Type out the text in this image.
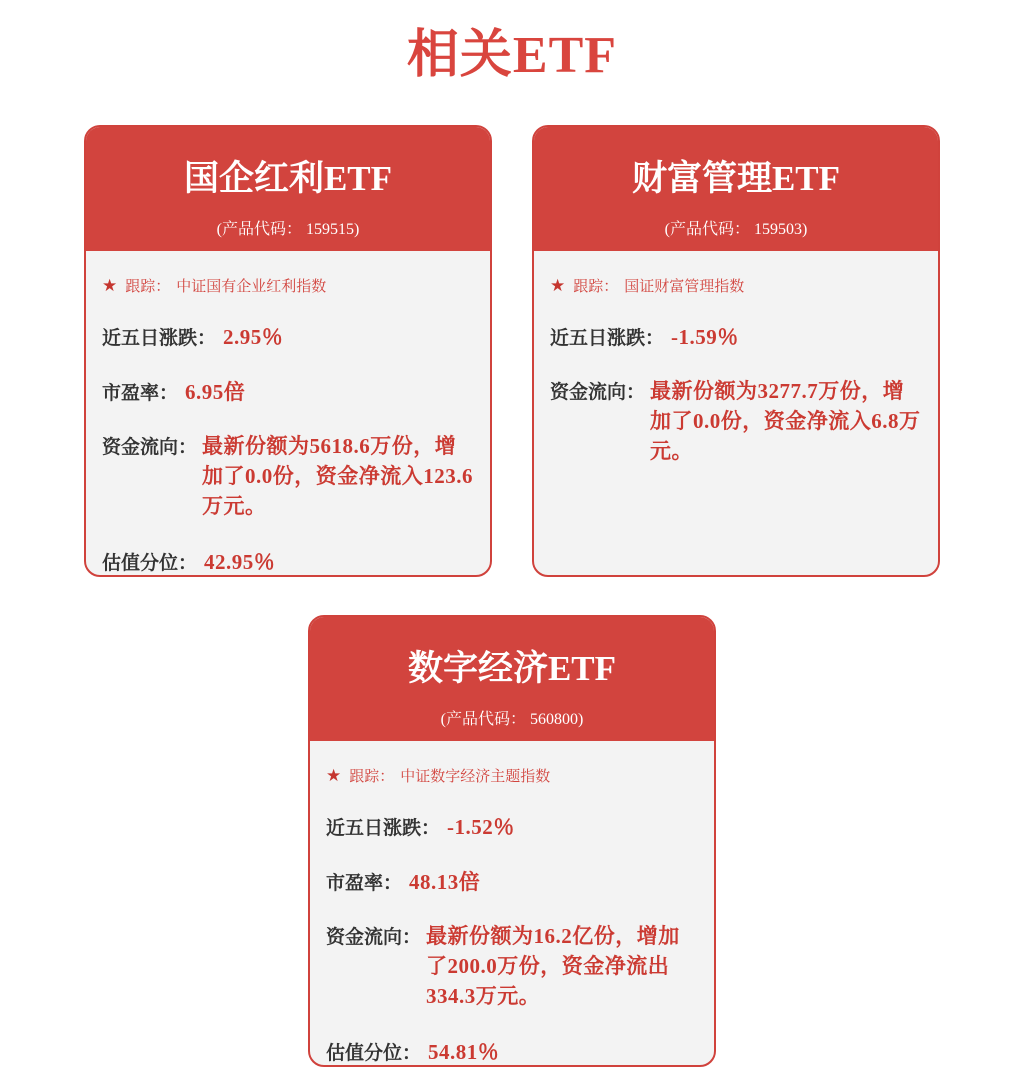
相关ETF
国企红利ETF
(产品代码： 159515)
★ 跟踪： 中证国有企业红利指数
近五日涨跌： 2.95％
市盈率： 6.95倍
资金流向： 最新份额为5618.6万份，增加了0.0份，资金净流入123.6万元。
估值分位： 42.95％
财富管理ETF
(产品代码： 159503)
★ 跟踪： 国证财富管理指数
近五日涨跌： -1.59％
资金流向： 最新份额为3277.7万份，增加了0.0份，资金净流入6.8万元。
数字经济ETF
(产品代码： 560800)
★ 跟踪： 中证数字经济主题指数
近五日涨跌： -1.52％
市盈率： 48.13倍
资金流向： 最新份额为16.2亿份，增加了200.0万份，资金净流出334.3万元。
估值分位： 54.81％
